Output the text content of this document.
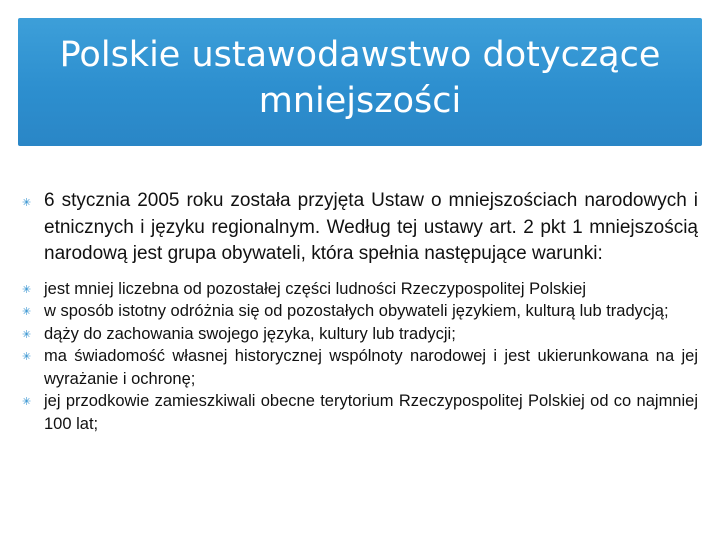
Polskie ustawodawstwo dotyczące mniejszości
✳ 6 stycznia 2005 roku została przyjęta Ustaw o mniejszościach narodowych i etnicznych i języku regionalnym. Według tej ustawy art. 2 pkt 1 mniejszością narodową jest grupa obywateli, która spełnia następujące warunki:
✳ jest mniej liczebna od pozostałej części ludności Rzeczypospolitej Polskiej
✳ w sposób istotny odróżnia się od pozostałych obywateli językiem, kulturą lub tradycją;
✳ dąży do zachowania swojego języka, kultury lub tradycji;
✳ ma świadomość własnej historycznej wspólnoty narodowej i jest ukierunkowana na jej wyrażanie i ochronę;
✳ jej przodkowie zamieszkiwali obecne terytorium Rzeczypospolitej Polskiej od co najmniej 100 lat;
